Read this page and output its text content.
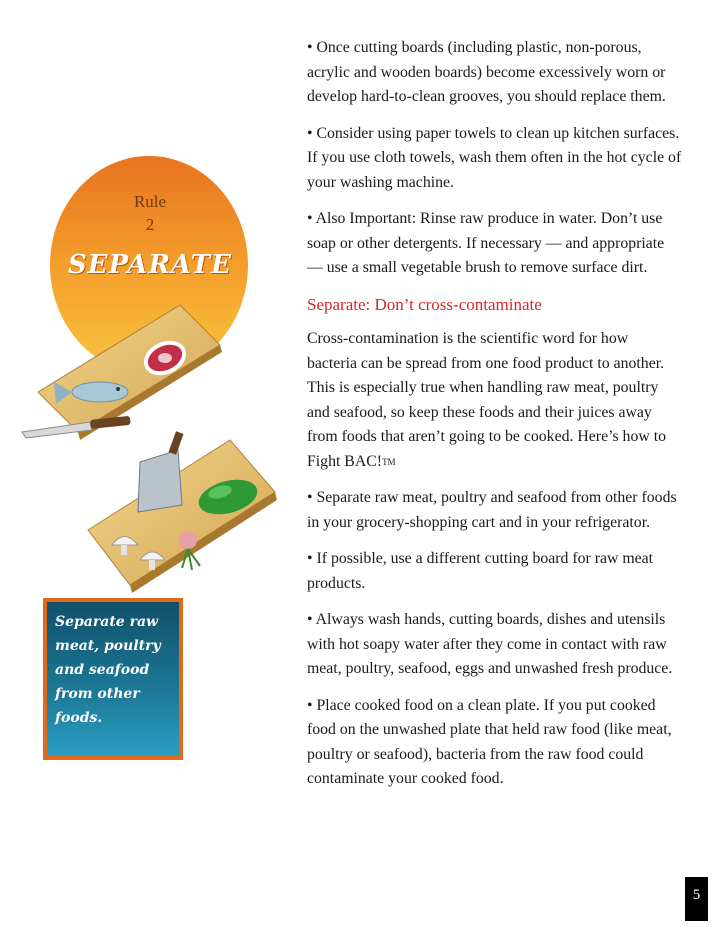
Rule
2
SEPARATE
Separate raw meat, poultry and seafood from other foods.

• Once cutting boards (including plastic, non-porous, acrylic and wooden boards) become excessively worn or develop hard-to-clean grooves, you should replace them.

• Consider using paper towels to clean up kitchen surfaces. If you use cloth towels, wash them often in the hot cycle of your washing machine.

• Also Important: Rinse raw produce in water. Don’t use soap or other detergents. If necessary — and appropriate — use a small vegetable brush to remove surface dirt.

Separate: Don’t cross-contaminate

Cross-contamination is the scientific word for how bacteria can be spread from one food product to another. This is especially true when handling raw meat, poultry and seafood, so keep these foods and their juices away from foods that aren’t going to be cooked. Here’s how to Fight BAC!™

• Separate raw meat, poultry and seafood from other foods in your grocery-shopping cart and in your refrigerator.

• If possible, use a different cutting board for raw meat products.

• Always wash hands, cutting boards, dishes and utensils with hot soapy water after they come in contact with raw meat, poultry, seafood, eggs and unwashed fresh produce.

• Place cooked food on a clean plate. If you put cooked food on the unwashed plate that held raw food (like meat, poultry or seafood), bacteria from the raw food could contaminate your cooked food.

5
